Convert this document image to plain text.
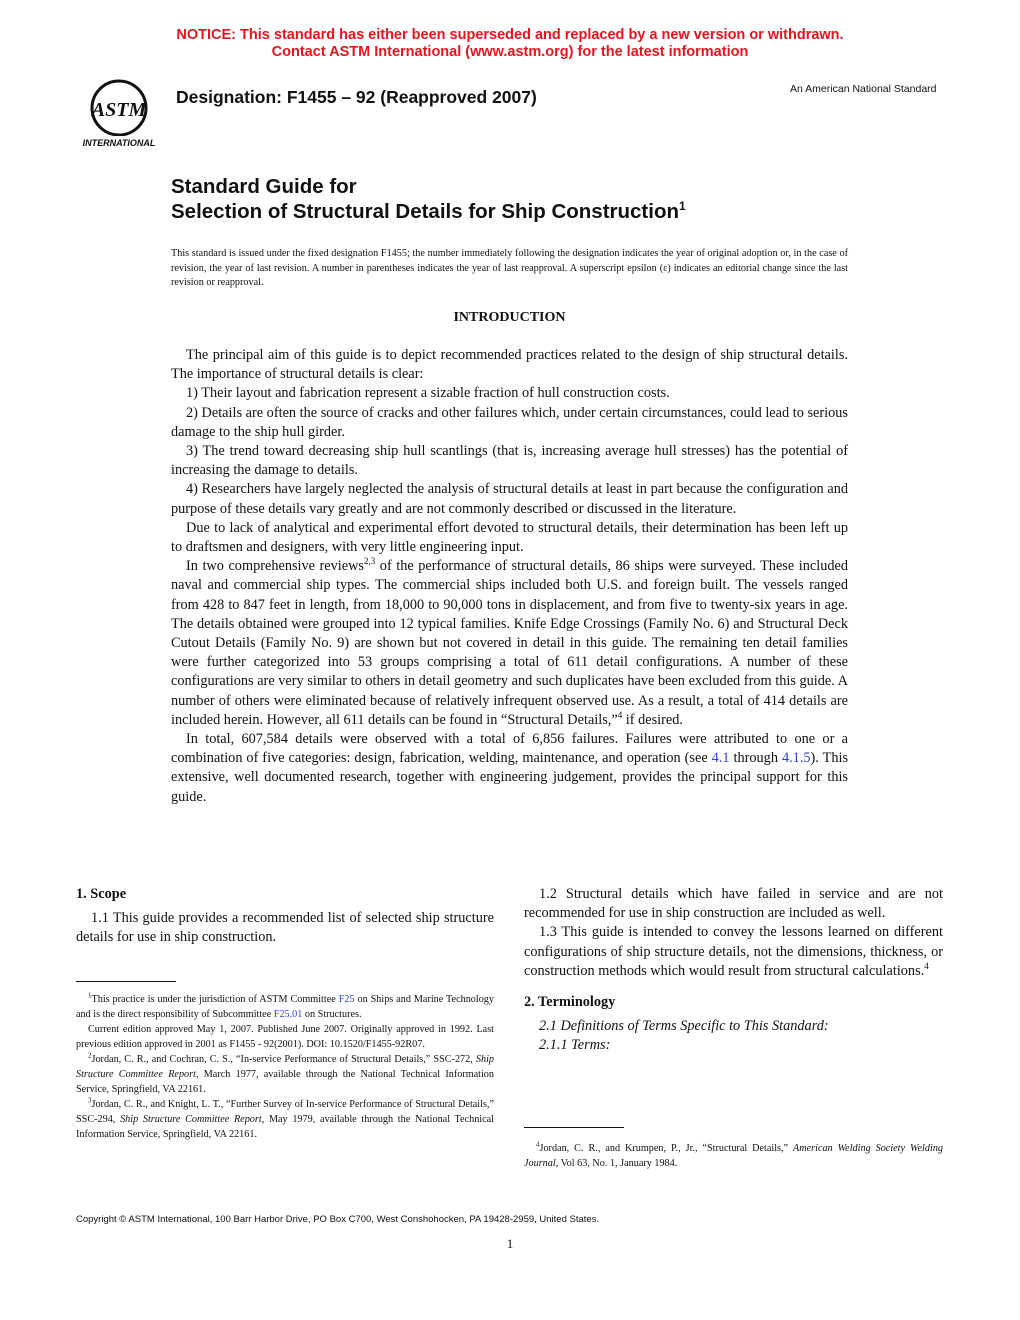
NOTICE: This standard has either been superseded and replaced by a new version or withdrawn.
Contact ASTM International (www.astm.org) for the latest information
ASTM
INTERNATIONAL
Designation: F1455 – 92 (Reapproved 2007)	An American National Standard
Standard Guide for
Selection of Structural Details for Ship Construction$^1$
This standard is issued under the fixed designation F1455; the number immediately following the designation indicates the year of original adoption or, in the case of revision, the year of last revision. A number in parentheses indicates the year of last reapproval. A superscript epsilon (ε) indicates an editorial change since the last revision or reapproval.
INTRODUCTION

The principal aim of this guide is to depict recommended practices related to the design of ship structural details. The importance of structural details is clear:

1) Their layout and fabrication represent a sizable fraction of hull construction costs.

2) Details are often the source of cracks and other failures which, under certain circumstances, could lead to serious damage to the ship hull girder.

3) The trend toward decreasing ship hull scantlings (that is, increasing average hull stresses) has the potential of increasing the damage to details.

4) Researchers have largely neglected the analysis of structural details at least in part because the configuration and purpose of these details vary greatly and are not commonly described or discussed in the literature.

Due to lack of analytical and experimental effort devoted to structural details, their determination has been left up to draftsmen and designers, with very little engineering input.

In two comprehensive reviews$^{2,3}$ of the performance of structural details, 86 ships were surveyed. These included naval and commercial ship types. The commercial ships included both U.S. and foreign built. The vessels ranged from 428 to 847 feet in length, from 18,000 to 90,000 tons in displacement, and from five to twenty-six years in age. The details obtained were grouped into 12 typical families. Knife Edge Crossings (Family No. 6) and Structural Deck Cutout Details (Family No. 9) are shown but not covered in detail in this guide. The remaining ten detail families were further categorized into 53 groups comprising a total of 611 detail configurations. A number of these configurations are very similar to others in detail geometry and such duplicates have been excluded from this guide. A number of others were eliminated because of relatively infrequent observed use. As a result, a total of 414 details are included herein. However, all 611 details can be found in “Structural Details,”$^4$ if desired.

In total, 607,584 details were observed with a total of 6,856 failures. Failures were attributed to one or a combination of five categories: design, fabrication, welding, maintenance, and operation (see 4.1 through 4.1.5). This extensive, well documented research, together with engineering judgement, provides the principal support for this guide.

1. Scope

1.1 This guide provides a recommended list of selected ship structure details for use in ship construction.

1.2 Structural details which have failed in service and are not recommended for use in ship construction are included as well.

1.3 This guide is intended to convey the lessons learned on different configurations of ship structure details, not the dimensions, thickness, or construction methods which would result from structural calculations.$^4$

2. Terminology

2.1 Definitions of Terms Specific to This Standard:

2.1.1 Terms:

$^1$This practice is under the jurisdiction of ASTM Committee F25 on Ships and Marine Technology and is the direct responsibility of Subcommittee F25.01 on Structures.

Current edition approved May 1, 2007. Published June 2007. Originally approved in 1992. Last previous edition approved in 2001 as F1455 - 92(2001). DOI: 10.1520/F1455-92R07.

$^2$Jordan, C. R., and Cochran, C. S., “In-service Performance of Structural Details,” SSC-272, Ship Structure Committee Report, March 1977, available through the National Technical Information Service, Springfield, VA 22161.

$^3$Jordan, C. R., and Knight, L. T., “Further Survey of In-service Performance of Structural Details,” SSC-294, Ship Structure Committee Report, May 1979, available through the National Technical Information Service, Springfield, VA 22161.

$^4$Jordan, C. R., and Krumpen, P., Jr., “Structural Details,” American Welding Society Welding Journal, Vol 63, No. 1, January 1984.

Copyright © ASTM International, 100 Barr Harbor Drive, PO Box C700, West Conshohocken, PA 19428-2959, United States.
1
